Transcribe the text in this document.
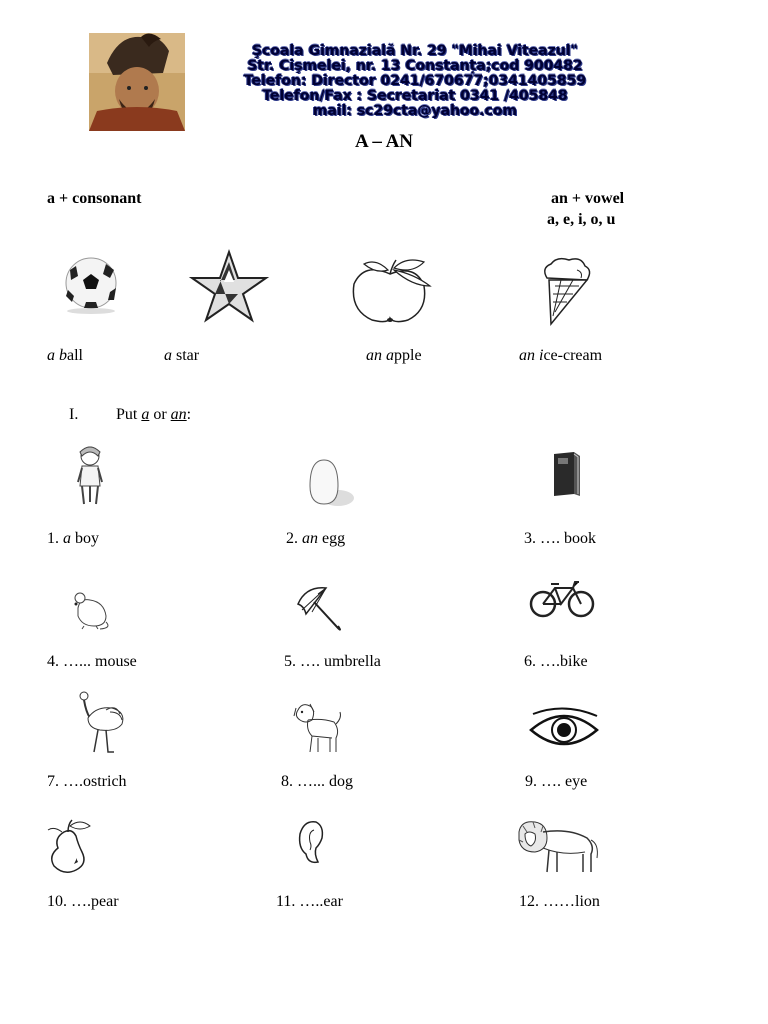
Şcoala Gimnazială Nr. 29 "Mihai Viteazul"
Str. Cişmelei, nr. 13 Constanța;cod 900482
Telefon: Director 0241/670677;0341405859
Telefon/Fax : Secretariat 0341 /405848
mail: sc29cta@yahoo.com
A – AN
a + consonant	an + vowel
a, e, i, o, u
a ball	a star	an apple	an ice-cream
I. Put a or an:
1. a boy	2. an egg	3. …. book
4. …... mouse	5. …. umbrella	6. ….bike
7. ….ostrich	8. …... dog	9. …. eye
10. ….pear	11. …..ear	12. ……lion
